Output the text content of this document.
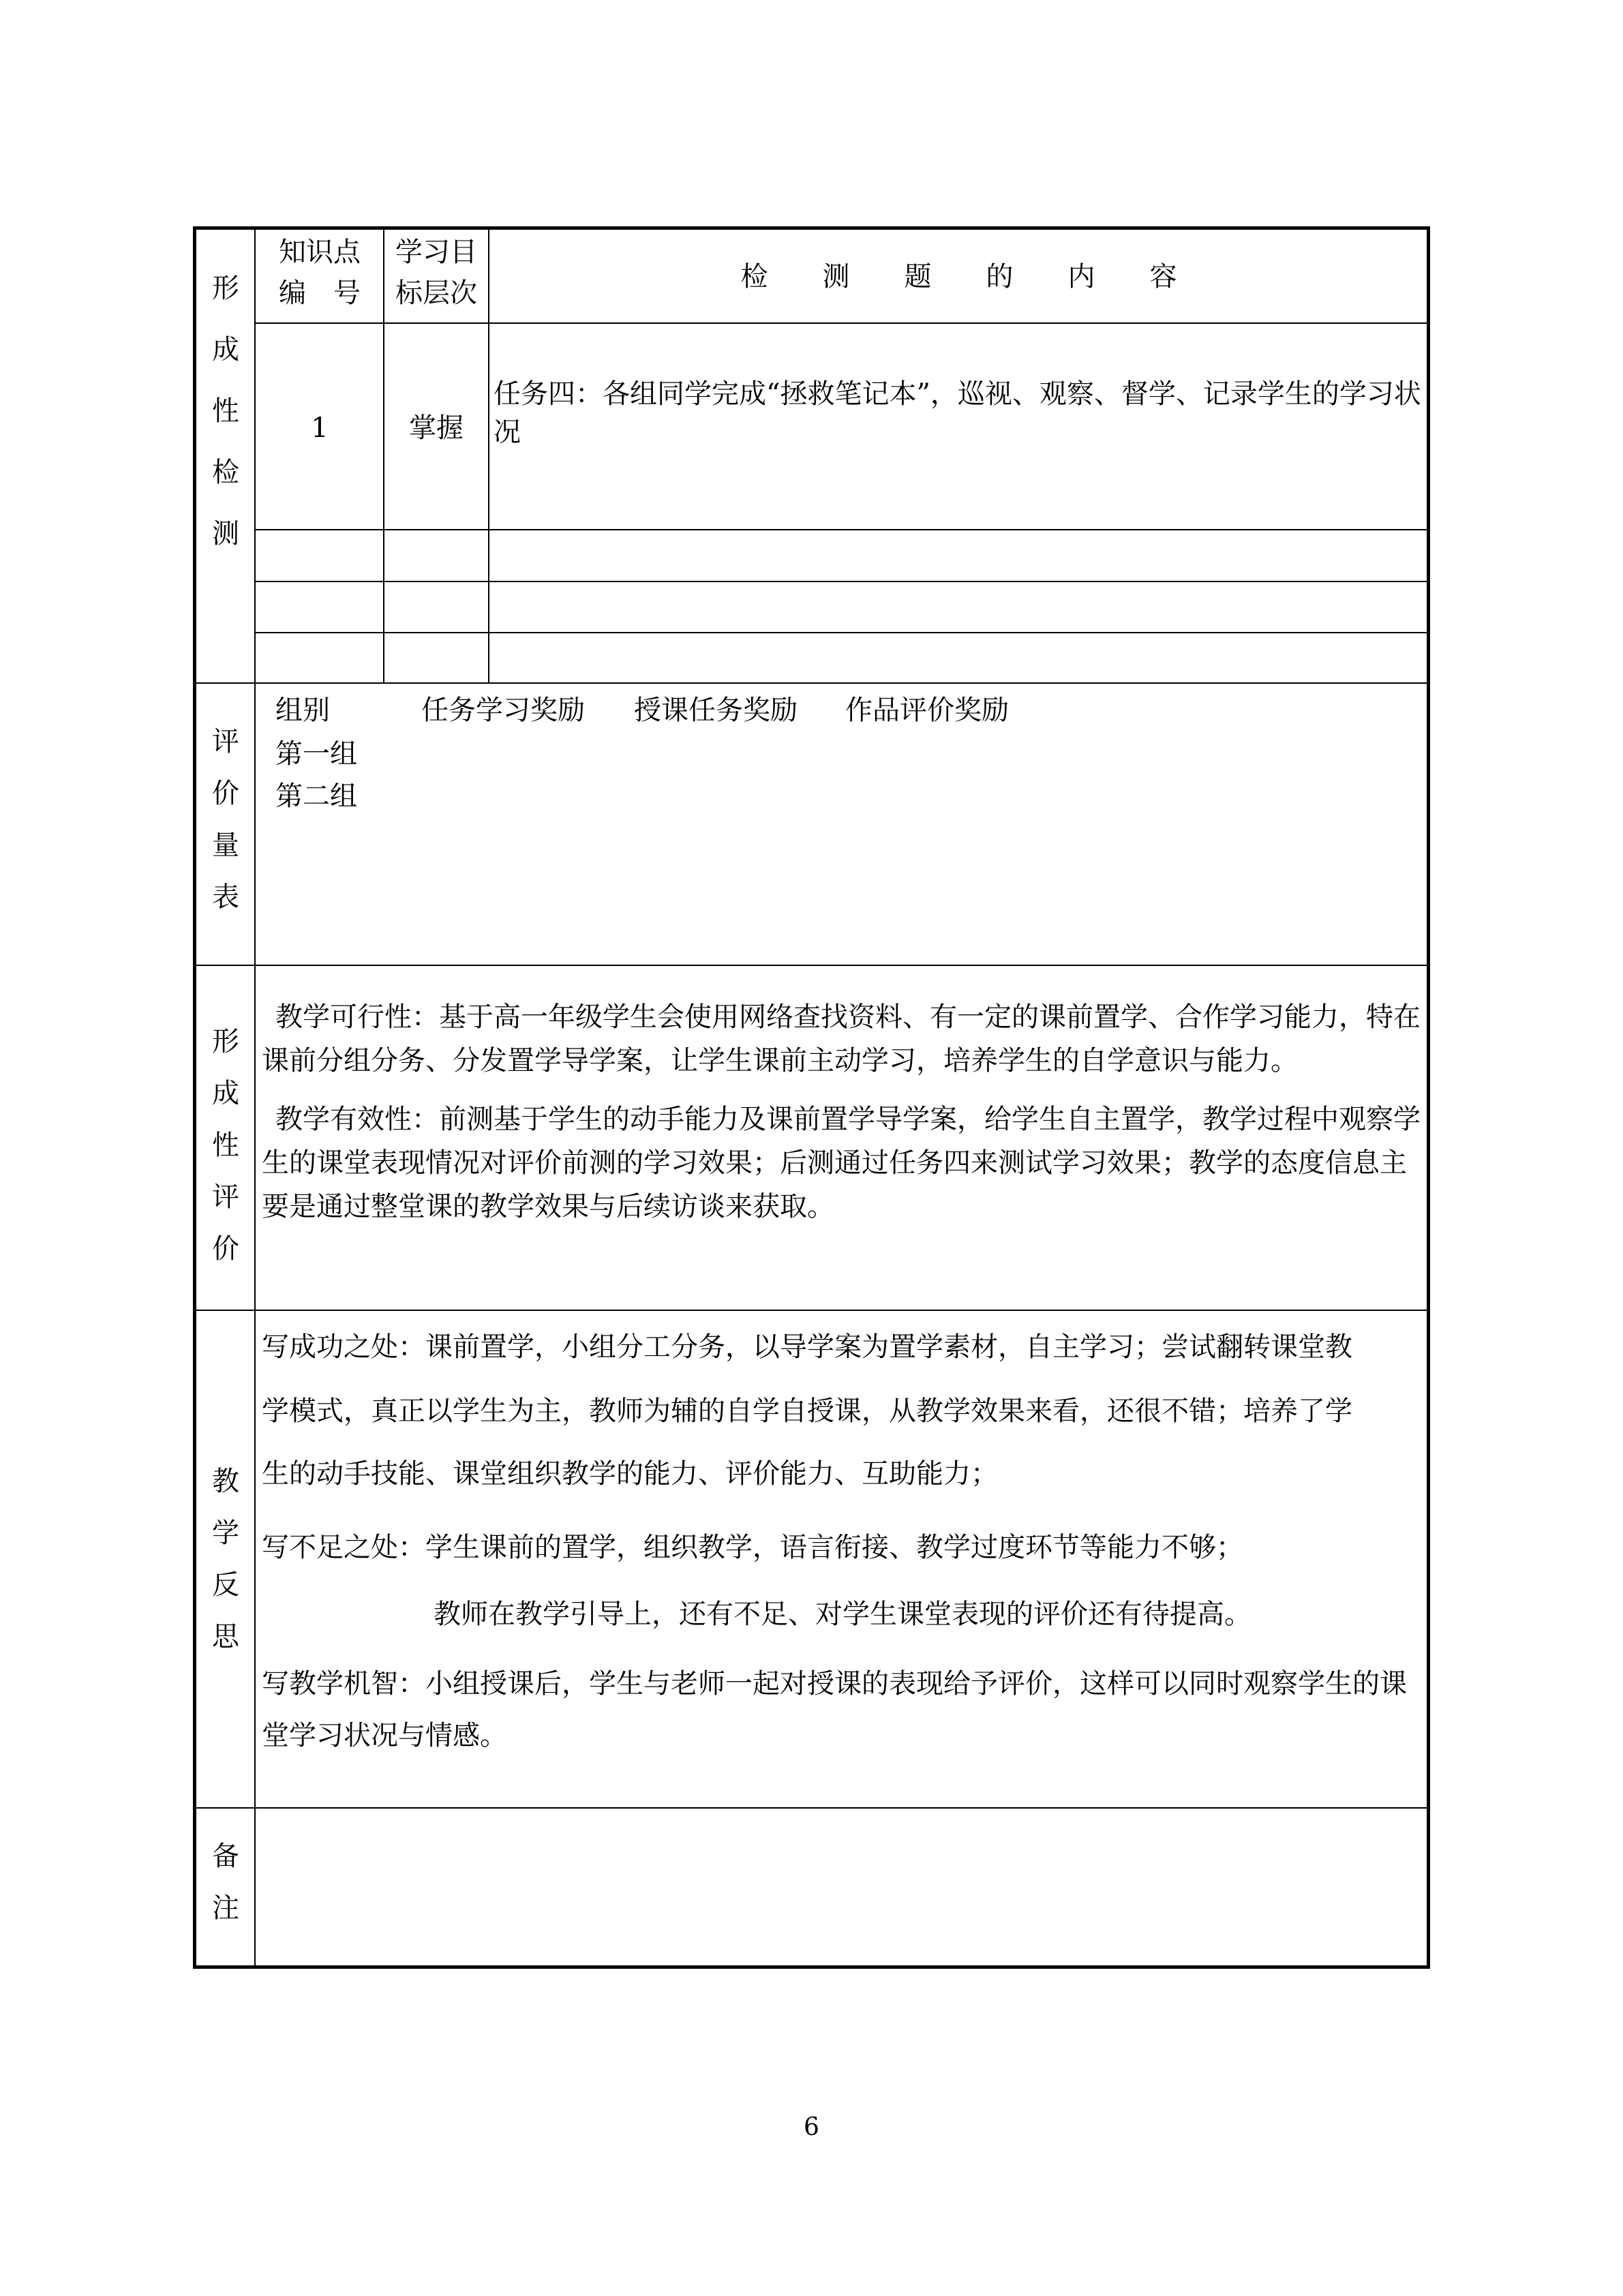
形成性检测
评价量表
形成性评价
教学反思
备注
知识点
编　号
学习目
标层次
检　　测　　题　　的　　内　　容
1	掌握
任务四：各组同学完成“拯救笔记本”，巡视、观察、督学、记录学生的学习状况
组别	任务学习奖励 授课任务奖励 作品评价奖励
第一组
第二组
教学可行性：基于高一年级学生会使用网络查找资料、有一定的课前置学、合作学习能力，特在课前分组分务、分发置学导学案，让学生课前主动学习，培养学生的自学意识与能力。
教学有效性：前测基于学生的动手能力及课前置学导学案，给学生自主置学，教学过程中观察学生的课堂表现情况对评价前测的学习效果；后测通过任务四来测试学习效果；教学的态度信息主要是通过整堂课的教学效果与后续访谈来获取。
写成功之处：课前置学，小组分工分务，以导学案为置学素材，自主学习；尝试翻转课堂教
学模式，真正以学生为主，教师为辅的自学自授课，从教学效果来看，还很不错；培养了学
生的动手技能、课堂组织教学的能力、评价能力、互助能力；
写不足之处：学生课前的置学，组织教学，语言衔接、教学过度环节等能力不够；
教师在教学引导上，还有不足、对学生课堂表现的评价还有待提高。
写教学机智：小组授课后，学生与老师一起对授课的表现给予评价，这样可以同时观察学生的课堂学习状况与情感。
6
